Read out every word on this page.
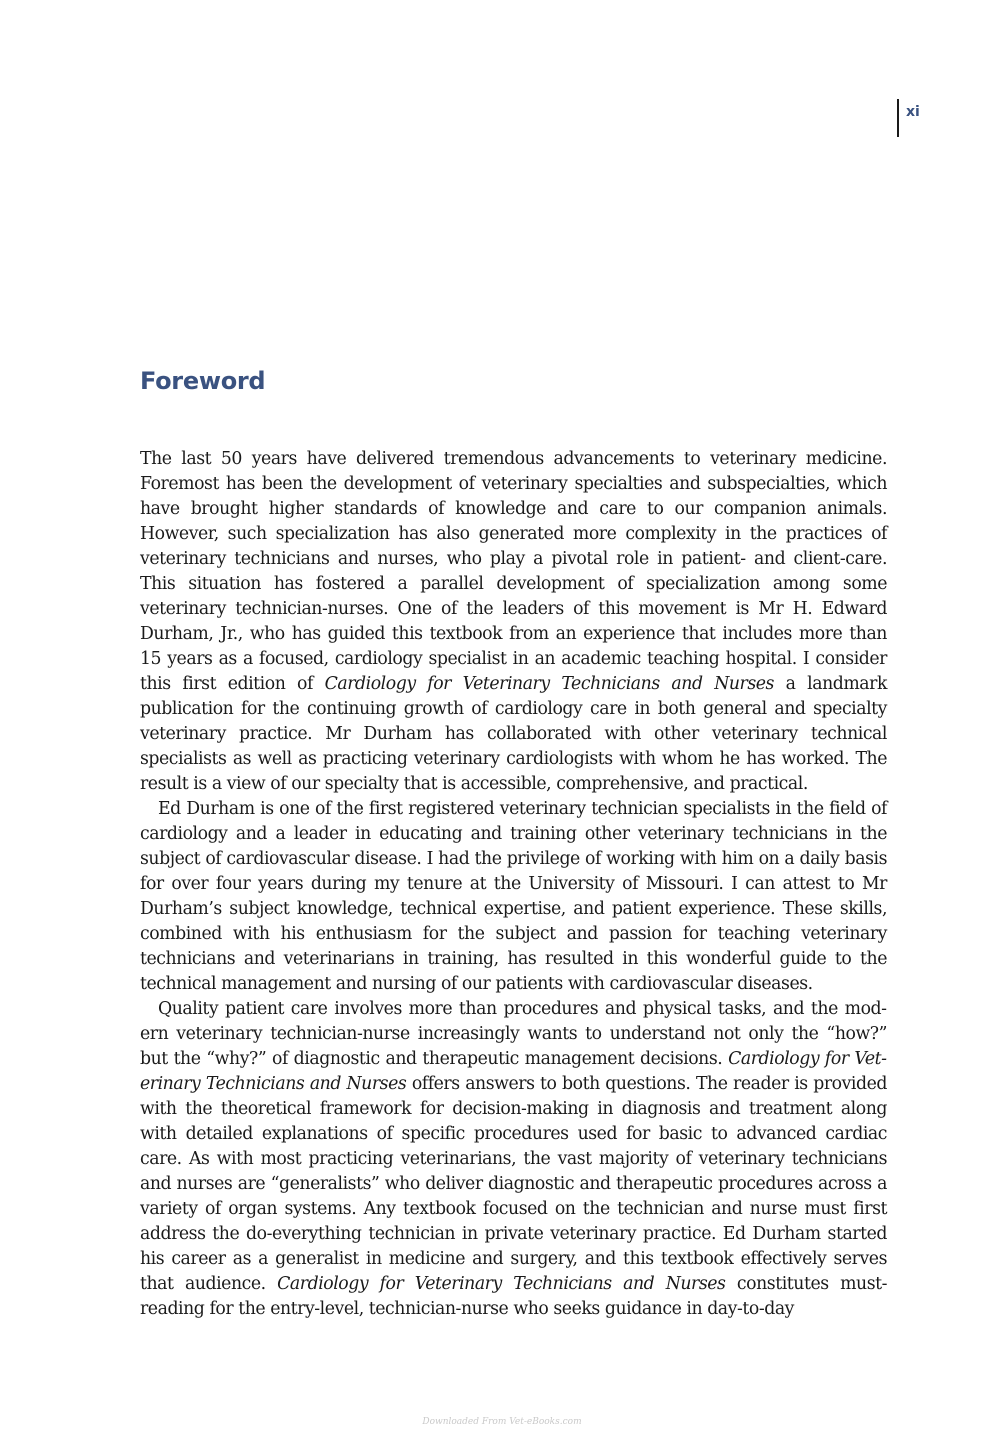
xi
Foreword

The last 50 years have delivered tremendous advancements to veterinary medicine. Foremost has been the development of veterinary specialties and subspecialties, which have brought higher standards of knowledge and care to our companion animals. However, such specialization has also generated more complexity in the practices of veterinary technicians and nurses, who play a pivotal role in patient- and client-care. This situation has fostered a parallel development of specialization among some veterinary technician-nurses. One of the leaders of this movement is Mr H. Edward Durham, Jr., who has guided this textbook from an experience that includes more than 15 years as a focused, cardiology specialist in an academic teaching hospital. I consider this first edition of Cardiology for Veterinary Technicians and Nurses a landmark publication for the continuing growth of cardiology care in both general and specialty veterinary practice. Mr Durham has collaborated with other veterinary technical specialists as well as practicing veterinary cardiologists with whom he has worked. The result is a view of our specialty that is accessible, comprehensive, and practical.

Ed Durham is one of the first registered veterinary technician specialists in the field of cardiology and a leader in educating and training other veterinary technicians in the subject of cardiovascular disease. I had the privilege of working with him on a daily basis for over four years during my tenure at the University of Missouri. I can attest to Mr Durham’s subject knowledge, technical expertise, and patient experience. These skills, combined with his enthusiasm for the subject and passion for teaching veterinary technicians and veterinarians in training, has resulted in this wonderful guide to the technical management and nursing of our patients with cardiovascular diseases.

Quality patient care involves more than procedures and physical tasks, and the modern veterinary technician-nurse increasingly wants to understand not only the “how?” but the “why?” of diagnostic and therapeutic management decisions. Cardiology for Veterinary Technicians and Nurses offers answers to both questions. The reader is provided with the theoretical framework for decision-making in diagnosis and treatment along with detailed explanations of specific procedures used for basic to advanced cardiac care. As with most practicing veterinarians, the vast majority of veterinary technicians and nurses are “generalists” who deliver diagnostic and therapeutic procedures across a variety of organ systems. Any textbook focused on the technician and nurse must first address the do-everything technician in private veterinary practice. Ed Durham started his career as a generalist in medicine and surgery, and this textbook effectively serves that audience. Cardiology for Veterinary Technicians and Nurses constitutes must-reading for the entry-level, technician-nurse who seeks guidance in day-to-day

Downloaded From Vet-eBooks.com
